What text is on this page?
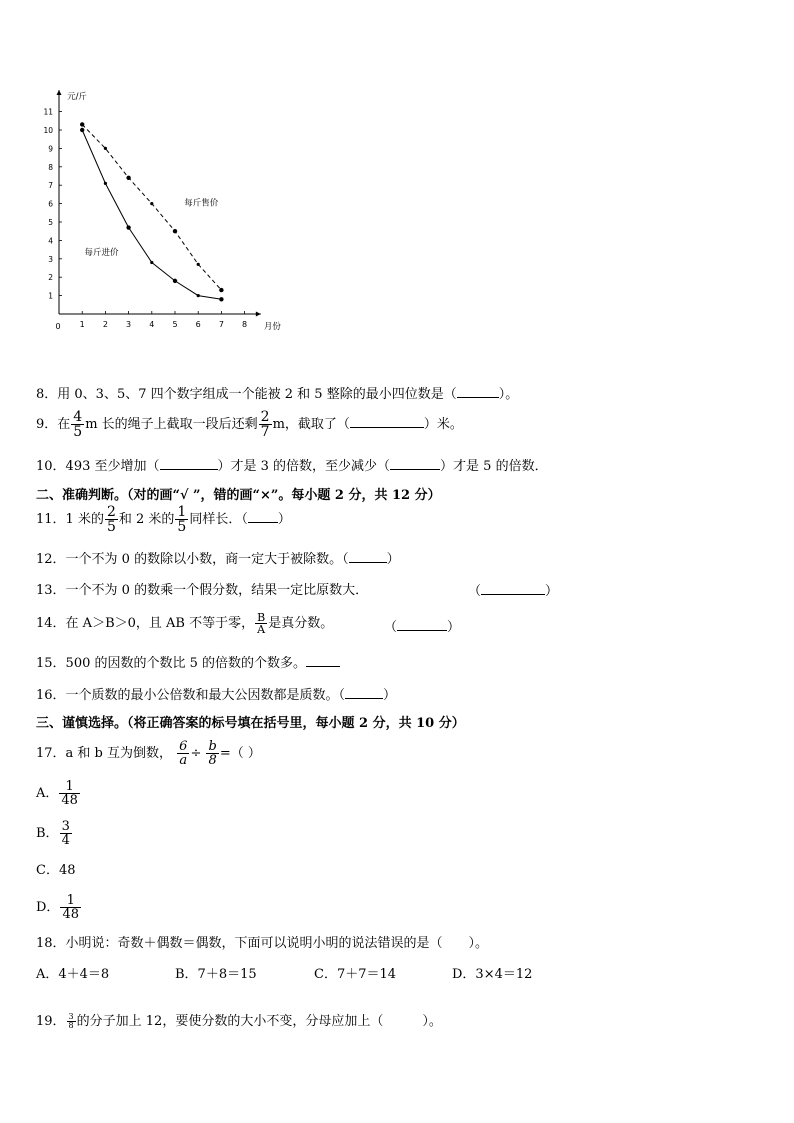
元/斤
月份
0 1 2 3 4 5 6 7 8
1
2
3
4
5
6
7
8
9
10
11
每斤售价
每斤进价
8．用 0、3、5、7 四个数字组成一个能被 2 和 5 整除的最小四位数是（	）。
9．在 $\frac{4}{5}$ m 长的绳子上截取一段后还剩 $\frac{2}{7}$ m，截取了（	）米。
10．493 至少增加（	）才是 3 的倍数，至少减少（	）才是 5 的倍数．
二、准确判断。（对的画“√ ”，错的画“×”。每小题 2 分，共 12 分）
11．1 米的 $\frac{2}{5}$ 和 2 米的 $\frac{1}{5}$ 同样长．（ ）
12．一个不为 0 的数除以小数，商一定大于被除数。（	）
13．一个不为 0 的数乘一个假分数，结果一定比原数大．	（	）
14．在 A＞B＞0，且 AB 不等于零， $\frac{B}{A}$ 是真分数。	（	）
15．500 的因数的个数比 5 的倍数的个数多。
16．一个质数的最小公倍数和最大公因数都是质数。（	）
三、谨慎选择。（将正确答案的标号填在括号里，每小题 2 分，共 10 分）
17．a 和 b 互为倒数， $\frac{6}{a} \div \frac{b}{8}$ =（ ）
A． $\frac{1}{48}$
B． $\frac{3}{4}$
C．48
D． $\frac{1}{48}$
18．小明说：奇数＋偶数＝偶数，下面可以说明小明的说法错误的是（　　）。
A．4＋4＝8	B．7＋8＝15	C．7＋7＝14	D．3×4＝12
19． $\frac{3}{8}$ 的分子加上 12，要使分数的大小不变，分母应加上（　　　）。
